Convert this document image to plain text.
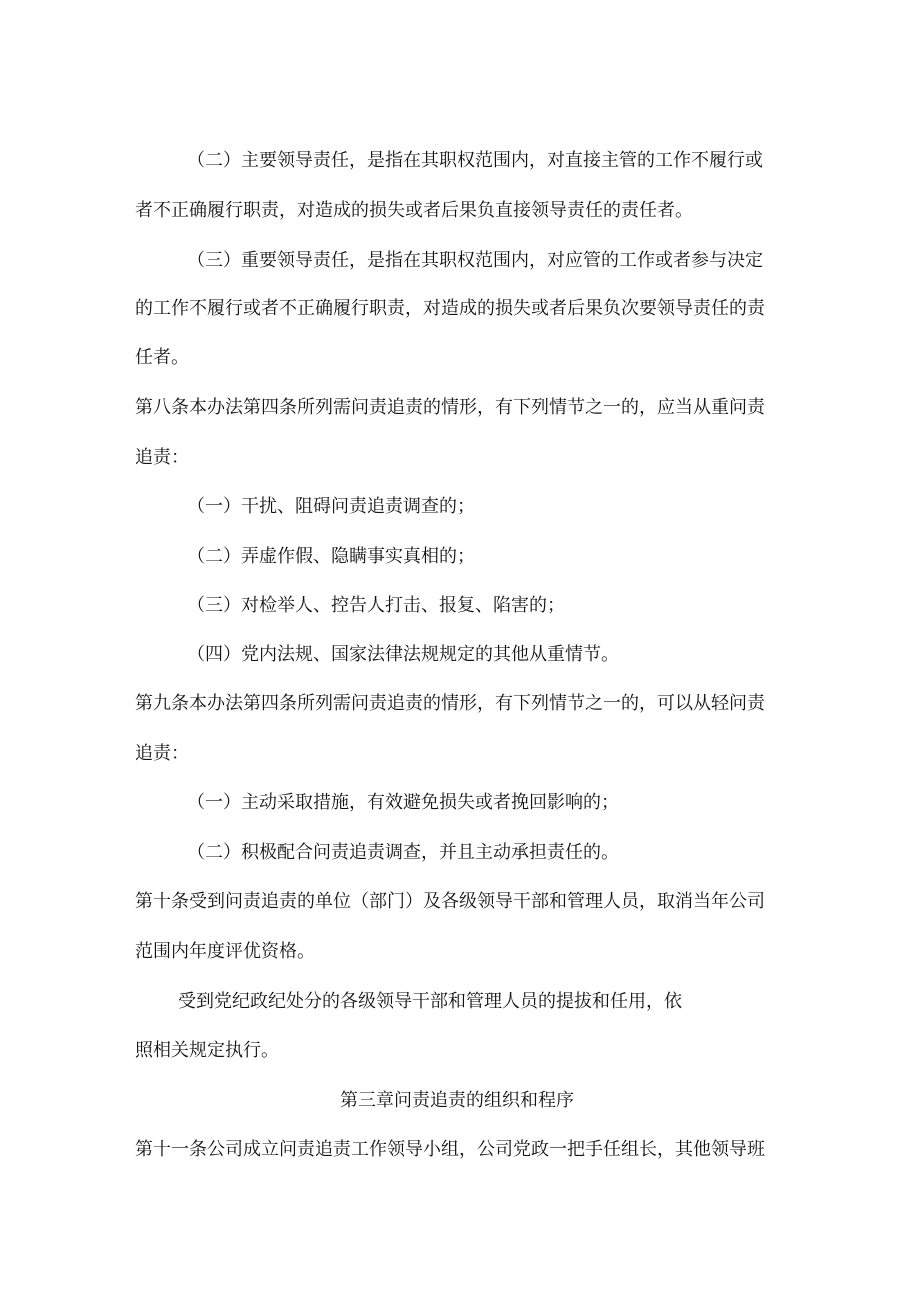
（二）主要领导责任，是指在其职权范围内，对直接主管的工作不履行或
者不正确履行职责，对造成的损失或者后果负直接领导责任的责任者。
（三）重要领导责任，是指在其职权范围内，对应管的工作或者参与决定
的工作不履行或者不正确履行职责，对造成的损失或者后果负次要领导责任的责
任者。
第八条本办法第四条所列需问责追责的情形，有下列情节之一的，应当从重问责
追责：
（一）干扰、阻碍问责追责调查的；
（二）弄虚作假、隐瞒事实真相的；
（三）对检举人、控告人打击、报复、陷害的；
（四）党内法规、国家法律法规规定的其他从重情节。
第九条本办法第四条所列需问责追责的情形，有下列情节之一的，可以从轻问责
追责：
（一）主动采取措施，有效避免损失或者挽回影响的；
（二）积极配合问责追责调查，并且主动承担责任的。
第十条受到问责追责的单位（部门）及各级领导干部和管理人员，取消当年公司
范围内年度评优资格。
受到党纪政纪处分的各级领导干部和管理人员的提拔和任用，依
照相关规定执行。
第三章问责追责的组织和程序
第十一条公司成立问责追责工作领导小组，公司党政一把手任组长，其他领导班
